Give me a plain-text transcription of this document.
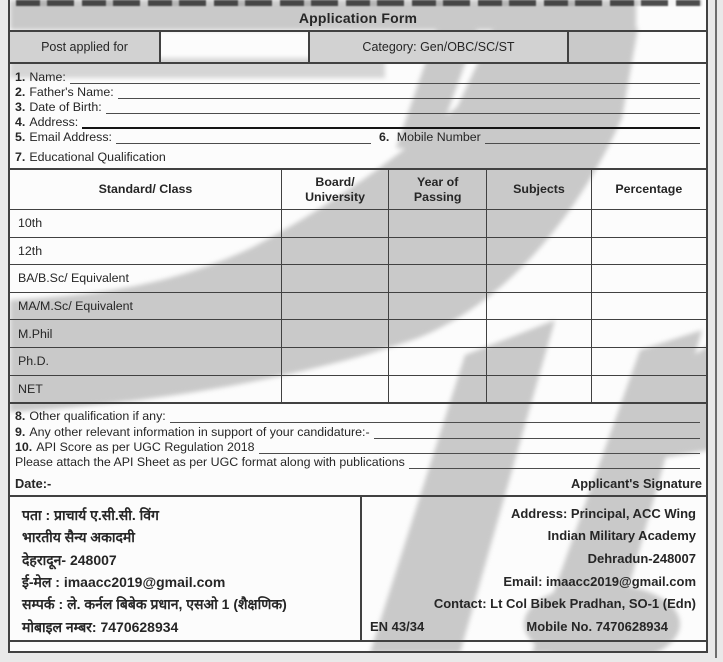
Application Form
Post applied for	Category: Gen/OBC/SC/ST
1. Name:
2. Father's Name:
3. Date of Birth:
4. Address:
5. Email Address:	6. Mobile Number
7. Educational Qualification
Standard/ Class	Board/ University	Year of Passing	Subjects	Percentage
10th				
12th				
BA/B.Sc/ Equivalent				
MA/M.Sc/ Equivalent				
M.Phil				
Ph.D.				
NET				
8. Other qualification if any:
9. Any other relevant information in support of your candidature:-
10. API Score as per UGC Regulation 2018
Please attach the API Sheet as per UGC format along with publications
Date:-	Applicant's Signature
पता : प्राचार्य ए.सी.सी. विंग
भारतीय सैन्य अकादमी
देहरादून- 248007
ई-मेल : imaacc2019@gmail.com
सम्पर्क : ले. कर्नल बिबेक प्रधान, एसओ 1 (शैक्षणिक)
मोबाइल नम्बर: 7470628934
Address: Principal, ACC Wing
Indian Military Academy
Dehradun-248007
Email: imaacc2019@gmail.com
Contact: Lt Col Bibek Pradhan, SO-1 (Edn)
EN 43/34	Mobile No. 7470628934
